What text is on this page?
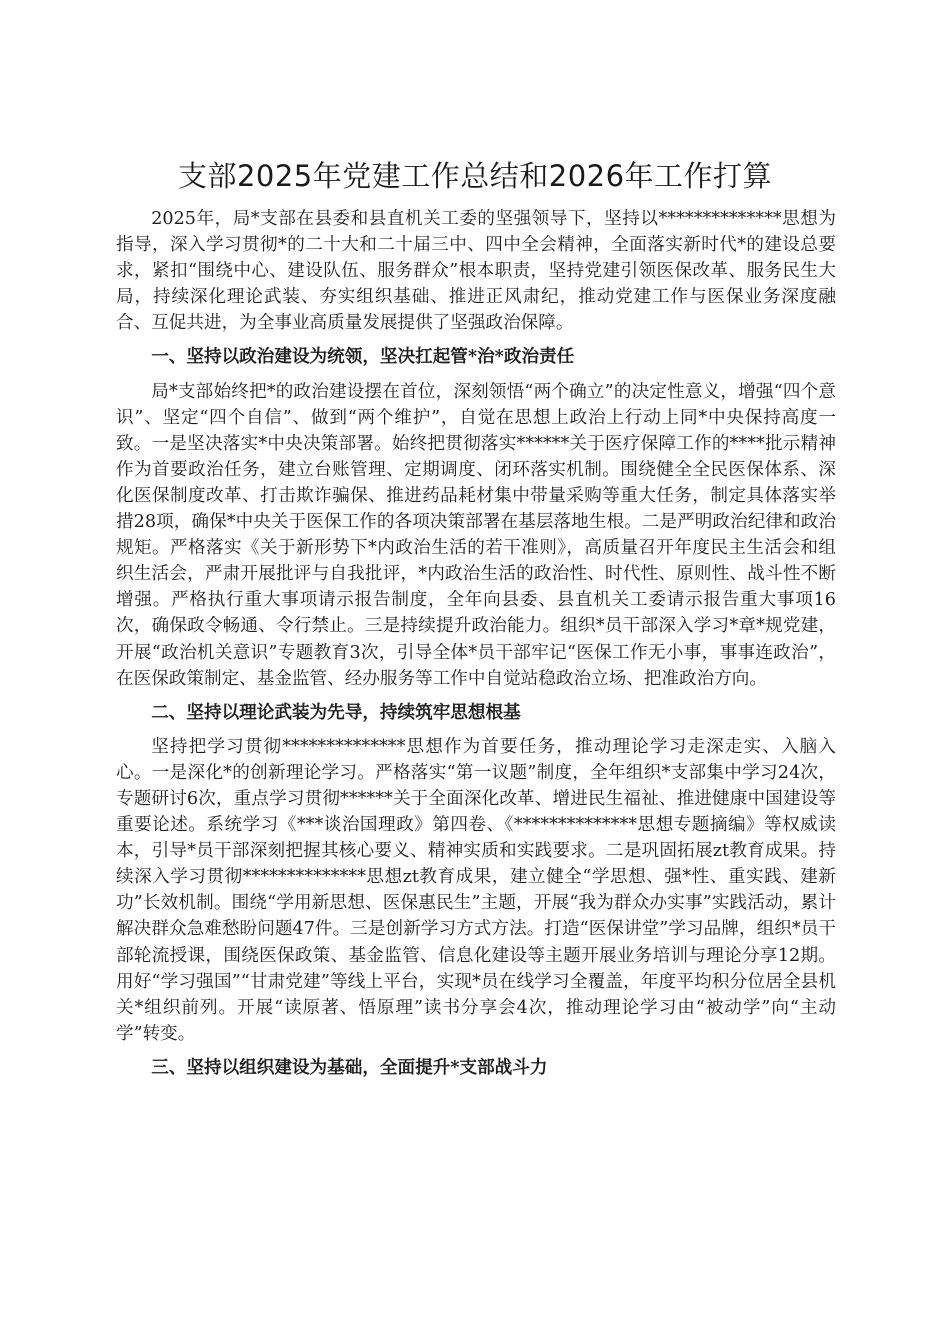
支部2025年党建工作总结和2026年工作打算

2025年，局*支部在县委和县直机关工委的坚强领导下，坚持以**************思想为指导，深入学习贯彻*的二十大和二十届三中、四中全会精神，全面落实新时代*的建设总要求，紧扣“围绕中心、建设队伍、服务群众”根本职责，坚持党建引领医保改革、服务民生大局，持续深化理论武装、夯实组织基础、推进正风肃纪，推动党建工作与医保业务深度融合、互促共进，为全事业高质量发展提供了坚强政治保障。

一、坚持以政治建设为统领，坚决扛起管*治*政治责任

局*支部始终把*的政治建设摆在首位，深刻领悟“两个确立”的决定性意义，增强“四个意识”、坚定“四个自信”、做到“两个维护”，自觉在思想上政治上行动上同*中央保持高度一致。一是坚决落实*中央决策部署。始终把贯彻落实******关于医疗保障工作的****批示精神作为首要政治任务，建立台账管理、定期调度、闭环落实机制。围绕健全全民医保体系、深化医保制度改革、打击欺诈骗保、推进药品耗材集中带量采购等重大任务，制定具体落实举措28项，确保*中央关于医保工作的各项决策部署在基层落地生根。二是严明政治纪律和政治规矩。严格落实《关于新形势下*内政治生活的若干准则》，高质量召开年度民主生活会和组织生活会，严肃开展批评与自我批评，*内政治生活的政治性、时代性、原则性、战斗性不断增强。严格执行重大事项请示报告制度，全年向县委、县直机关工委请示报告重大事项16次，确保政令畅通、令行禁止。三是持续提升政治能力。组织*员干部深入学习*章*规党建，开展“政治机关意识”专题教育3次，引导全体*员干部牢记“医保工作无小事，事事连政治”，在医保政策制定、基金监管、经办服务等工作中自觉站稳政治立场、把准政治方向。

二、坚持以理论武装为先导，持续筑牢思想根基

坚持把学习贯彻**************思想作为首要任务，推动理论学习走深走实、入脑入心。一是深化*的创新理论学习。严格落实“第一议题”制度，全年组织*支部集中学习24次，专题研讨6次，重点学习贯彻******关于全面深化改革、增进民生福祉、推进健康中国建设等重要论述。系统学习《***谈治国理政》第四卷、《**************思想专题摘编》等权威读本，引导*员干部深刻把握其核心要义、精神实质和实践要求。二是巩固拓展zt教育成果。持续深入学习贯彻**************思想zt教育成果，建立健全“学思想、强*性、重实践、建新功”长效机制。围绕“学用新思想、医保惠民生”主题，开展“我为群众办实事”实践活动，累计解决群众急难愁盼问题47件。三是创新学习方式方法。打造“医保讲堂”学习品牌，组织*员干部轮流授课，围绕医保政策、基金监管、信息化建设等主题开展业务培训与理论分享12期。用好“学习强国”“甘肃党建”等线上平台，实现*员在线学习全覆盖，年度平均积分位居全县机关*组织前列。开展“读原著、悟原理”读书分享会4次，推动理论学习由“被动学”向“主动学”转变。

三、坚持以组织建设为基础，全面提升*支部战斗力
